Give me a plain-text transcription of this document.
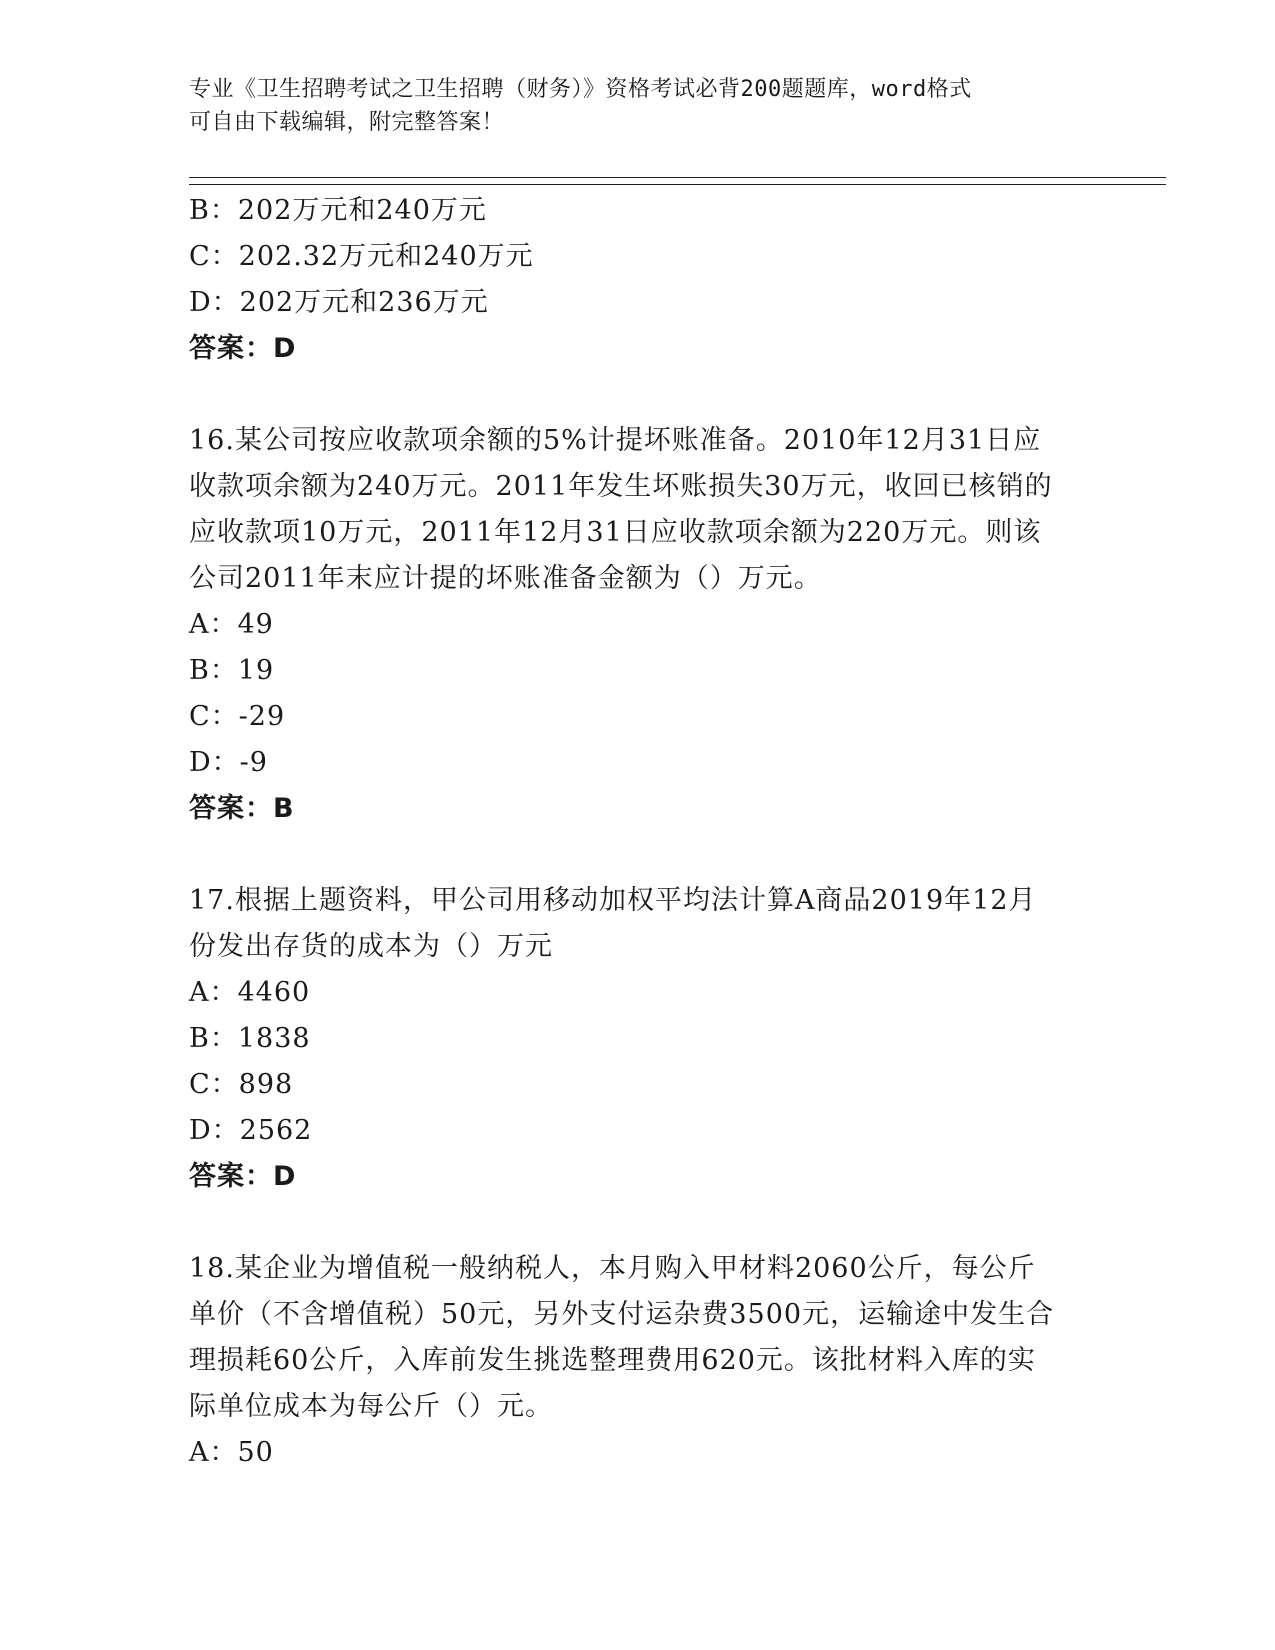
专业《卫生招聘考试之卫生招聘（财务）》资格考试必背200题题库，word格式
可自由下载编辑，附完整答案！
B：202万元和240万元
C：202.32万元和240万元
D：202万元和236万元
答案：D
16.某公司按应收款项余额的5%计提坏账准备。2010年12月31日应
收款项余额为240万元。2011年发生坏账损失30万元，收回已核销的
应收款项10万元，2011年12月31日应收款项余额为220万元。则该
公司2011年末应计提的坏账准备金额为（）万元。
A：49
B：19
C：-29
D：-9
答案：B
17.根据上题资料，甲公司用移动加权平均法计算A商品2019年12月
份发出存货的成本为（）万元
A：4460
B：1838
C：898
D：2562
答案：D
18.某企业为增值税一般纳税人，本月购入甲材料2060公斤，每公斤
单价（不含增值税）50元，另外支付运杂费3500元，运输途中发生合
理损耗60公斤，入库前发生挑选整理费用620元。该批材料入库的实
际单位成本为每公斤（）元。
A：50
